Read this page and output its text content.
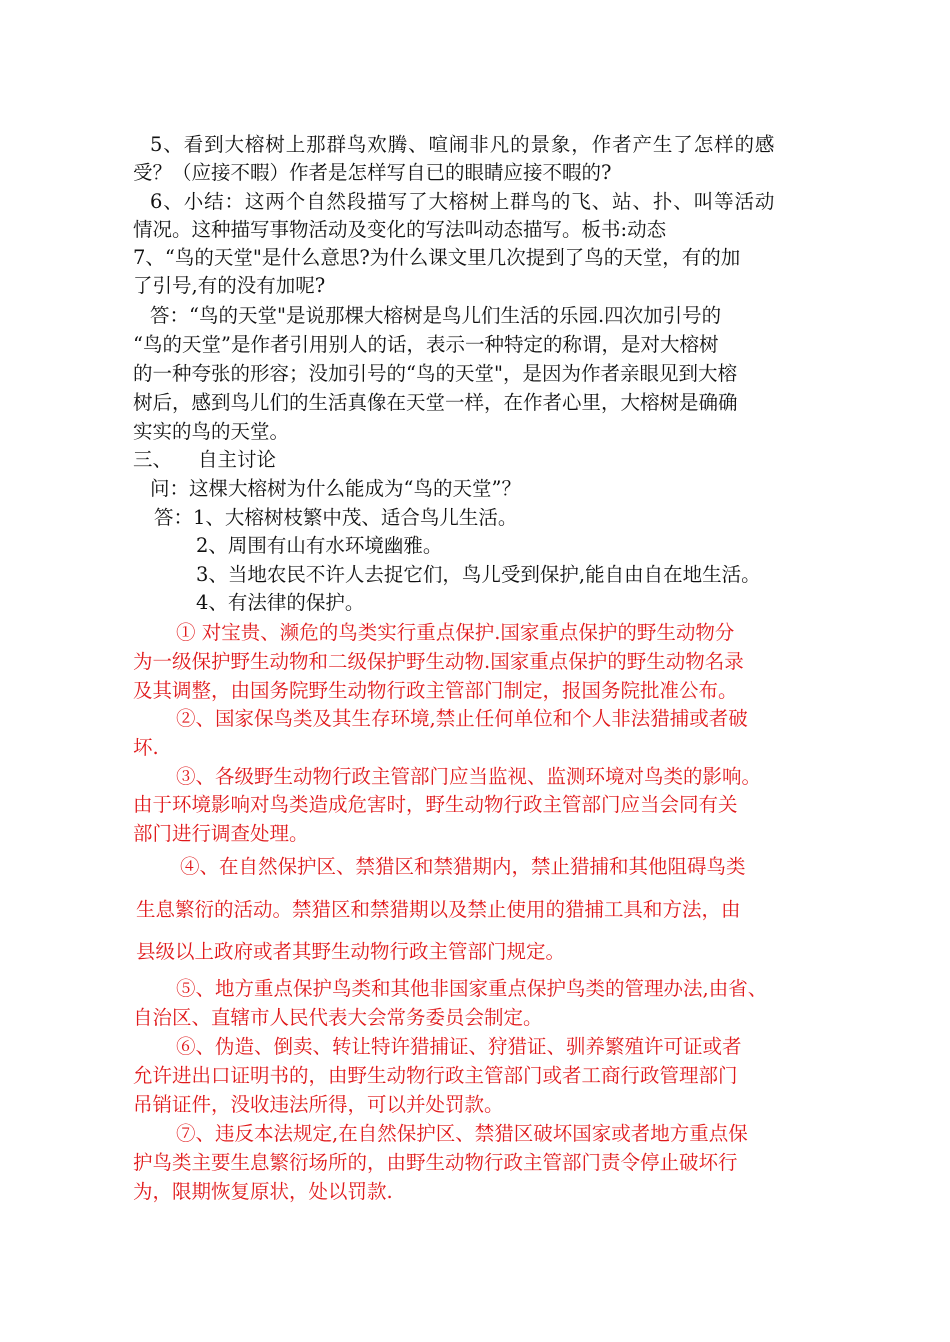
5、看到大榕树上那群鸟欢腾、喧闹非凡的景象，作者产生了怎样的感
受？（应接不暇）作者是怎样写自已的眼睛应接不暇的?
6、小结：这两个自然段描写了大榕树上群鸟的飞、站、扑、叫等活动
情况。这种描写事物活动及变化的写法叫动态描写。板书:动态
7、“鸟的天堂"是什么意思?为什么课文里几次提到了鸟的天堂，有的加
了引号,有的没有加呢?
答：“鸟的天堂"是说那棵大榕树是鸟儿们生活的乐园.四次加引号的
“鸟的天堂”是作者引用别人的话，表示一种特定的称谓，是对大榕树
的一种夸张的形容；没加引号的“鸟的天堂"，是因为作者亲眼见到大榕
树后，感到鸟儿们的生活真像在天堂一样，在作者心里，大榕树是确确
实实的鸟的天堂。
三、 自主讨论
问：这棵大榕树为什么能成为“鸟的天堂”？
答：1、大榕树枝繁中茂、适合鸟儿生活。
2、周围有山有水环境幽雅。
3、当地农民不许人去捉它们，鸟儿受到保护,能自由自在地生活。
4、有法律的保护。
① 对宝贵、濒危的鸟类实行重点保护.国家重点保护的野生动物分
为一级保护野生动物和二级保护野生动物.国家重点保护的野生动物名录
及其调整，由国务院野生动物行政主管部门制定，报国务院批准公布。
②、国家保鸟类及其生存环境,禁止任何单位和个人非法猎捕或者破
坏.
③、各级野生动物行政主管部门应当监视、监测环境对鸟类的影响。
由于环境影响对鸟类造成危害时，野生动物行政主管部门应当会同有关
部门进行调查处理。
④、在自然保护区、禁猎区和禁猎期内，禁止猎捕和其他阻碍鸟类
生息繁衍的活动。禁猎区和禁猎期以及禁止使用的猎捕工具和方法，由
县级以上政府或者其野生动物行政主管部门规定。
⑤、地方重点保护鸟类和其他非国家重点保护鸟类的管理办法,由省、
自治区、直辖市人民代表大会常务委员会制定。
⑥、伪造、倒卖、转让特许猎捕证、狩猎证、驯养繁殖许可证或者
允许进出口证明书的，由野生动物行政主管部门或者工商行政管理部门
吊销证件，没收违法所得，可以并处罚款。
⑦、违反本法规定,在自然保护区、禁猎区破坏国家或者地方重点保
护鸟类主要生息繁衍场所的，由野生动物行政主管部门责令停止破坏行
为，限期恢复原状，处以罚款.
